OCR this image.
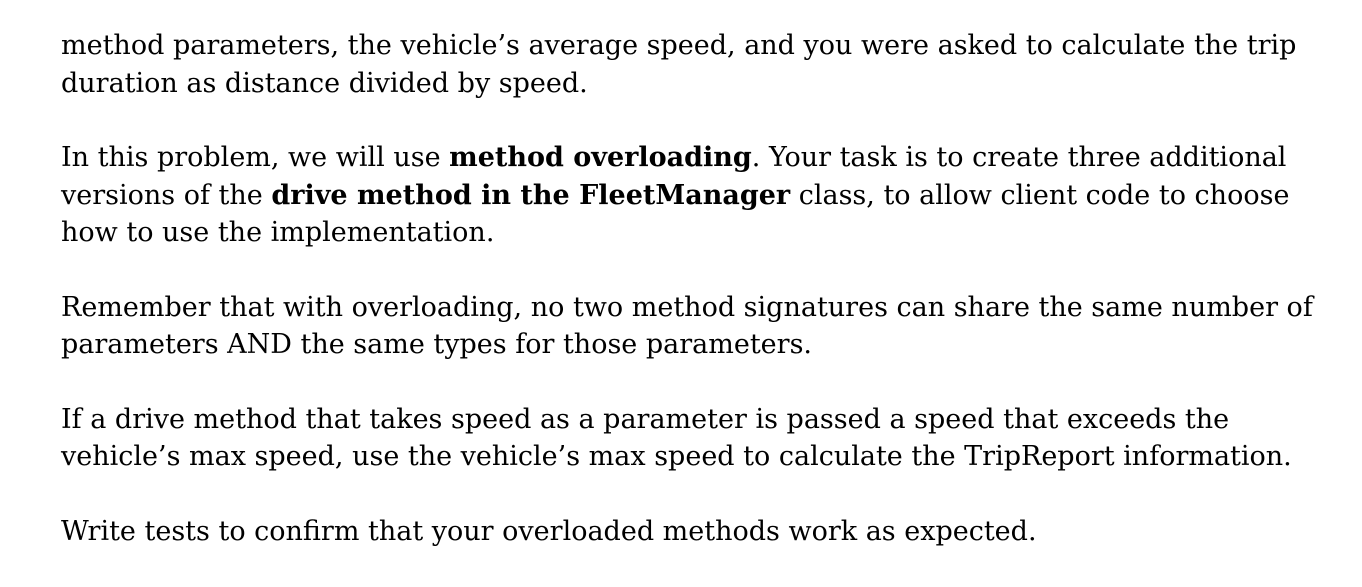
method parameters, the vehicle’s average speed, and you were asked to calculate the trip
duration as distance divided by speed.

In this problem, we will use method overloading. Your task is to create three additional
versions of the drive method in the FleetManager class, to allow client code to choose
how to use the implementation.

Remember that with overloading, no two method signatures can share the same number of
parameters AND the same types for those parameters.

If a drive method that takes speed as a parameter is passed a speed that exceeds the
vehicle’s max speed, use the vehicle’s max speed to calculate the TripReport information.

Write tests to confirm that your overloaded methods work as expected.
